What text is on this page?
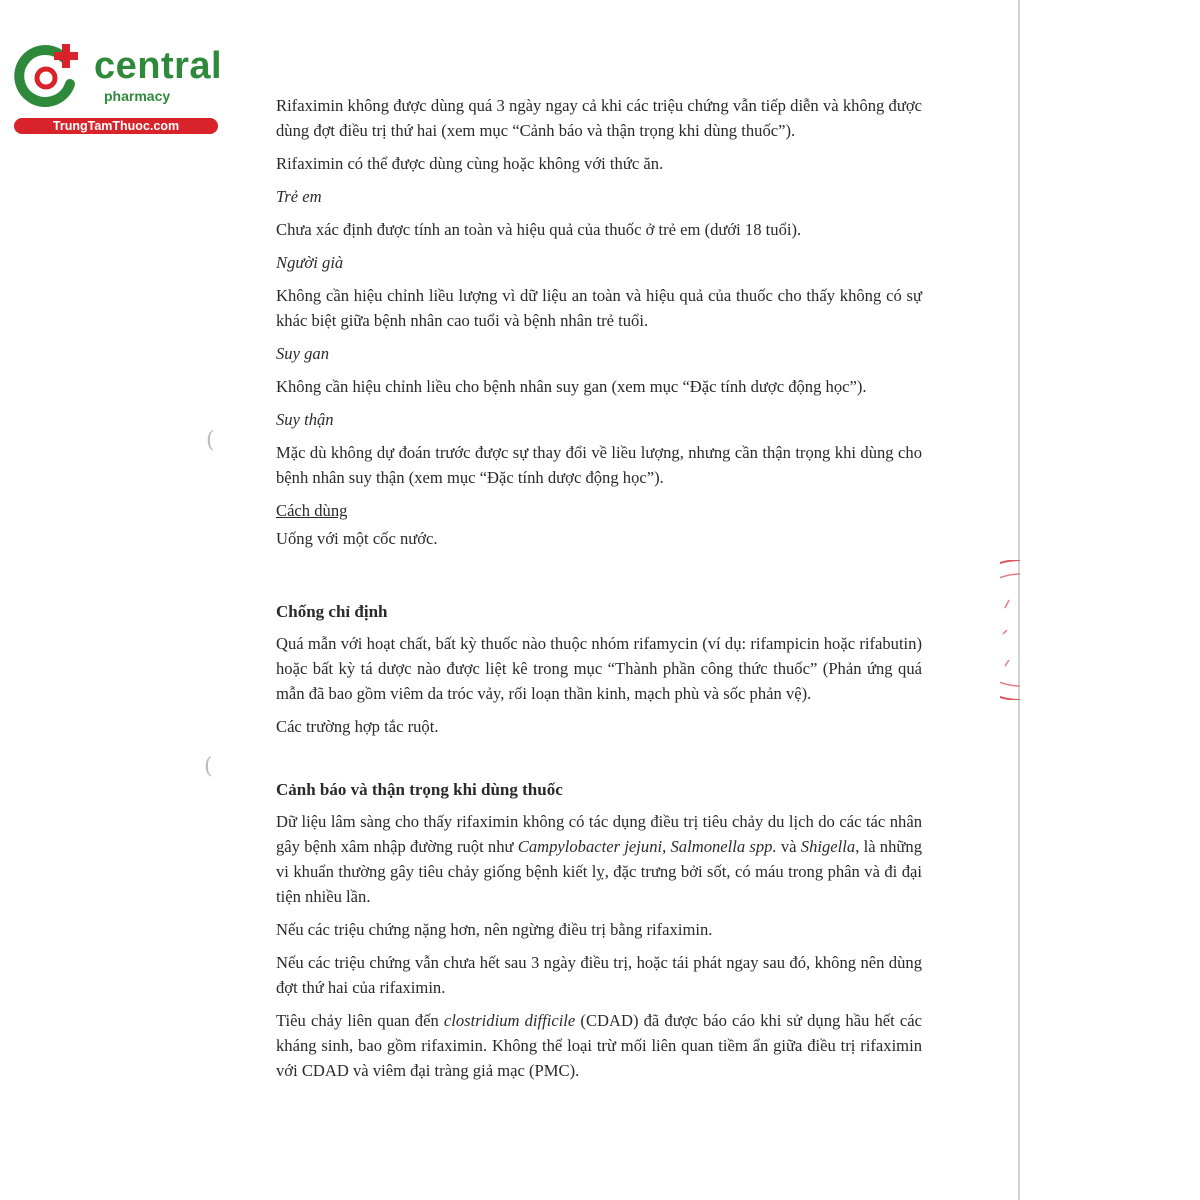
central
pharmacy
TrungTamThuoc.com
(
(

Rifaximin không được dùng quá 3 ngày ngay cả khi các triệu chứng vẫn tiếp diễn và không được dùng đợt điều trị thứ hai (xem mục “Cảnh báo và thận trọng khi dùng thuốc”).

Rifaximin có thể được dùng cùng hoặc không với thức ăn.

Trẻ em

Chưa xác định được tính an toàn và hiệu quả của thuốc ở trẻ em (dưới 18 tuổi).

Người già

Không cần hiệu chỉnh liều lượng vì dữ liệu an toàn và hiệu quả của thuốc cho thấy không có sự khác biệt giữa bệnh nhân cao tuổi và bệnh nhân trẻ tuổi.

Suy gan

Không cần hiệu chỉnh liều cho bệnh nhân suy gan (xem mục “Đặc tính dược động học”).

Suy thận

Mặc dù không dự đoán trước được sự thay đổi về liều lượng, nhưng cần thận trọng khi dùng cho bệnh nhân suy thận (xem mục “Đặc tính dược động học”).

Cách dùng

Uống với một cốc nước.

Chống chỉ định

Quá mẫn với hoạt chất, bất kỳ thuốc nào thuộc nhóm rifamycin (ví dụ: rifampicin hoặc rifabutin) hoặc bất kỳ tá dược nào được liệt kê trong mục “Thành phần công thức thuốc” (Phản ứng quá mẫn đã bao gồm viêm da tróc vảy, rối loạn thần kinh, mạch phù và sốc phản vệ).

Các trường hợp tắc ruột.

Cảnh báo và thận trọng khi dùng thuốc

Dữ liệu lâm sàng cho thấy rifaximin không có tác dụng điều trị tiêu chảy du lịch do các tác nhân gây bệnh xâm nhập đường ruột như Campylobacter jejuni, Salmonella spp. và Shigella, là những vi khuẩn thường gây tiêu chảy giống bệnh kiết lỵ, đặc trưng bởi sốt, có máu trong phân và đi đại tiện nhiều lần.

Nếu các triệu chứng nặng hơn, nên ngừng điều trị bằng rifaximin.

Nếu các triệu chứng vẫn chưa hết sau 3 ngày điều trị, hoặc tái phát ngay sau đó, không nên dùng đợt thứ hai của rifaximin.

Tiêu chảy liên quan đến clostridium difficile (CDAD) đã được báo cáo khi sử dụng hầu hết các kháng sinh, bao gồm rifaximin. Không thể loại trừ mối liên quan tiềm ẩn giữa điều trị rifaximin với CDAD và viêm đại tràng giả mạc (PMC).
